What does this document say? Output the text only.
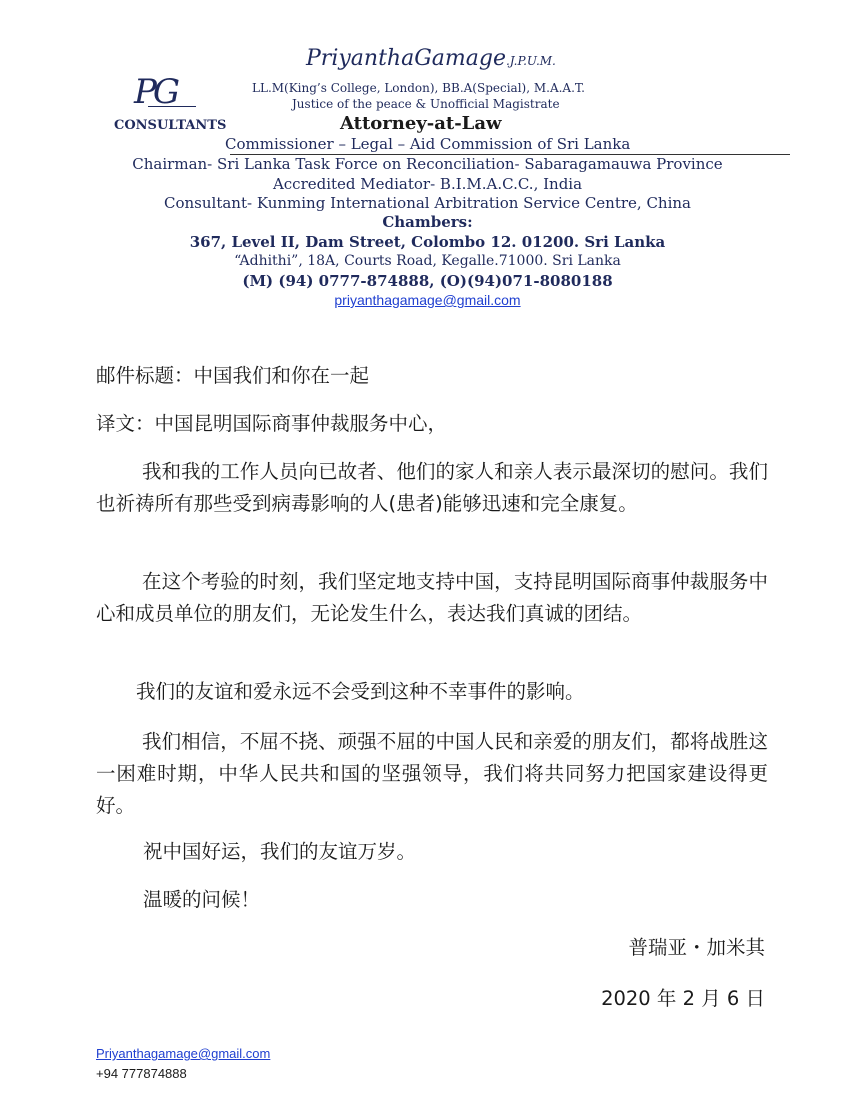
PG
CONSULTANTS
PriyanthaGamage.J.P.U.M.
LL.M(King’s College, London), BB.A(Special), M.A.A.T.
Justice of the peace & Unofficial Magistrate
Attorney-at-Law
Commissioner – Legal – Aid Commission of Sri Lanka
Chairman- Sri Lanka Task Force on Reconciliation- Sabaragamauwa Province
Accredited Mediator- B.I.M.A.C.C., India
Consultant- Kunming International Arbitration Service Centre, China
Chambers:
367, Level II, Dam Street, Colombo 12. 01200. Sri Lanka
“Adhithi”, 18A, Courts Road, Kegalle.71000. Sri Lanka
(M) (94) 0777-874888, (O)(94)071-8080188
priyanthagamage@gmail.com
邮件标题：中国我们和你在一起
译文：中国昆明国际商事仲裁服务中心，
我和我的工作人员向已故者、他们的家人和亲人表示最深切的慰问。我们也祈祷所有那些受到病毒影响的人(患者)能够迅速和完全康复。
在这个考验的时刻，我们坚定地支持中国，支持昆明国际商事仲裁服务中心和成员单位的朋友们，无论发生什么，表达我们真诚的团结。
我们的友谊和爱永远不会受到这种不幸事件的影响。
我们相信，不屈不挠、顽强不屈的中国人民和亲爱的朋友们，都将战胜这一困难时期，中华人民共和国的坚强领导，我们将共同努力把国家建设得更好。
祝中国好运，我们的友谊万岁。
温暖的问候！
普瑞亚・加米其
2020 年 2 月 6 日
Priyanthagamage@gmail.com
+94 777874888
